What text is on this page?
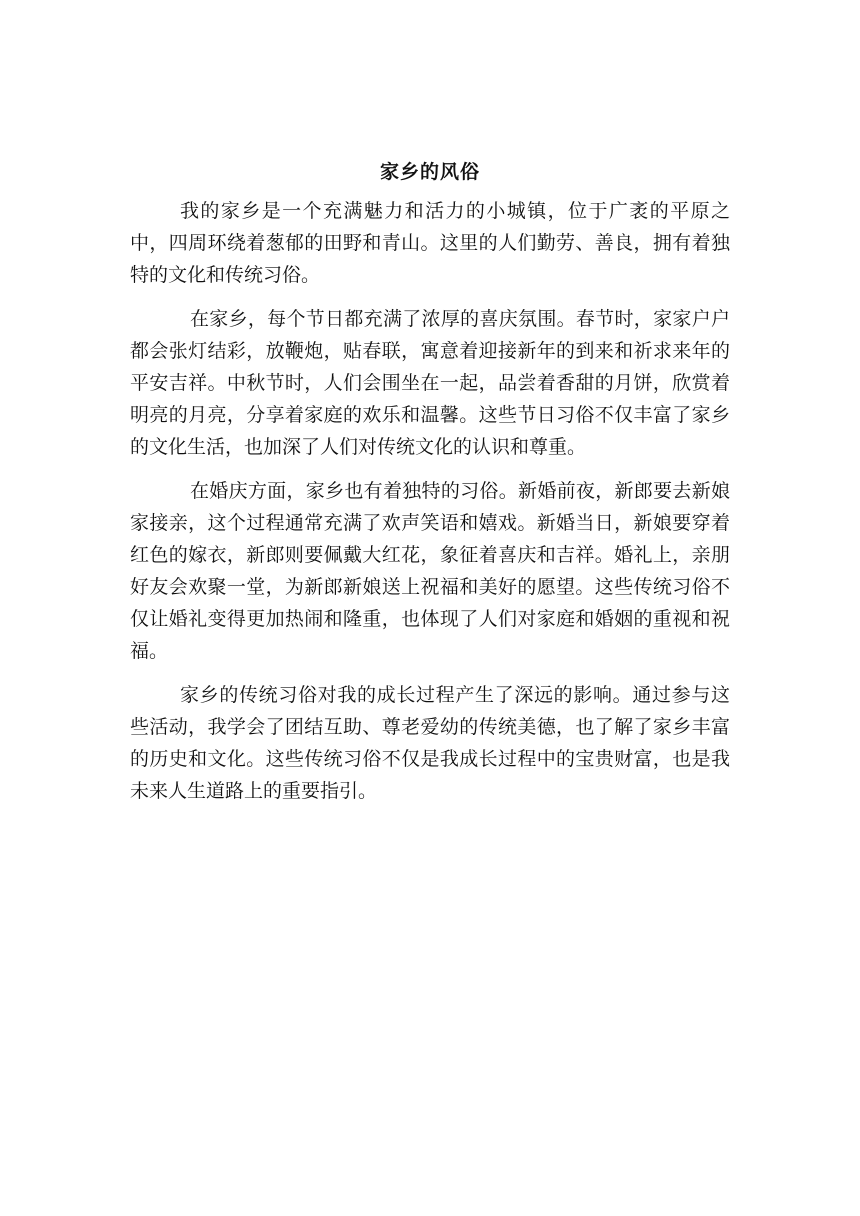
家乡的风俗

我的家乡是一个充满魅力和活力的小城镇，位于广袤的平原之中，四周环绕着葱郁的田野和青山。这里的人们勤劳、善良，拥有着独特的文化和传统习俗。

在家乡，每个节日都充满了浓厚的喜庆氛围。春节时，家家户户都会张灯结彩，放鞭炮，贴春联，寓意着迎接新年的到来和祈求来年的平安吉祥。中秋节时，人们会围坐在一起，品尝着香甜的月饼，欣赏着明亮的月亮，分享着家庭的欢乐和温馨。这些节日习俗不仅丰富了家乡的文化生活，也加深了人们对传统文化的认识和尊重。

在婚庆方面，家乡也有着独特的习俗。新婚前夜，新郎要去新娘家接亲，这个过程通常充满了欢声笑语和嬉戏。新婚当日，新娘要穿着红色的嫁衣，新郎则要佩戴大红花，象征着喜庆和吉祥。婚礼上，亲朋好友会欢聚一堂，为新郎新娘送上祝福和美好的愿望。这些传统习俗不仅让婚礼变得更加热闹和隆重，也体现了人们对家庭和婚姻的重视和祝福。

家乡的传统习俗对我的成长过程产生了深远的影响。通过参与这些活动，我学会了团结互助、尊老爱幼的传统美德，也了解了家乡丰富的历史和文化。这些传统习俗不仅是我成长过程中的宝贵财富，也是我未来人生道路上的重要指引。
